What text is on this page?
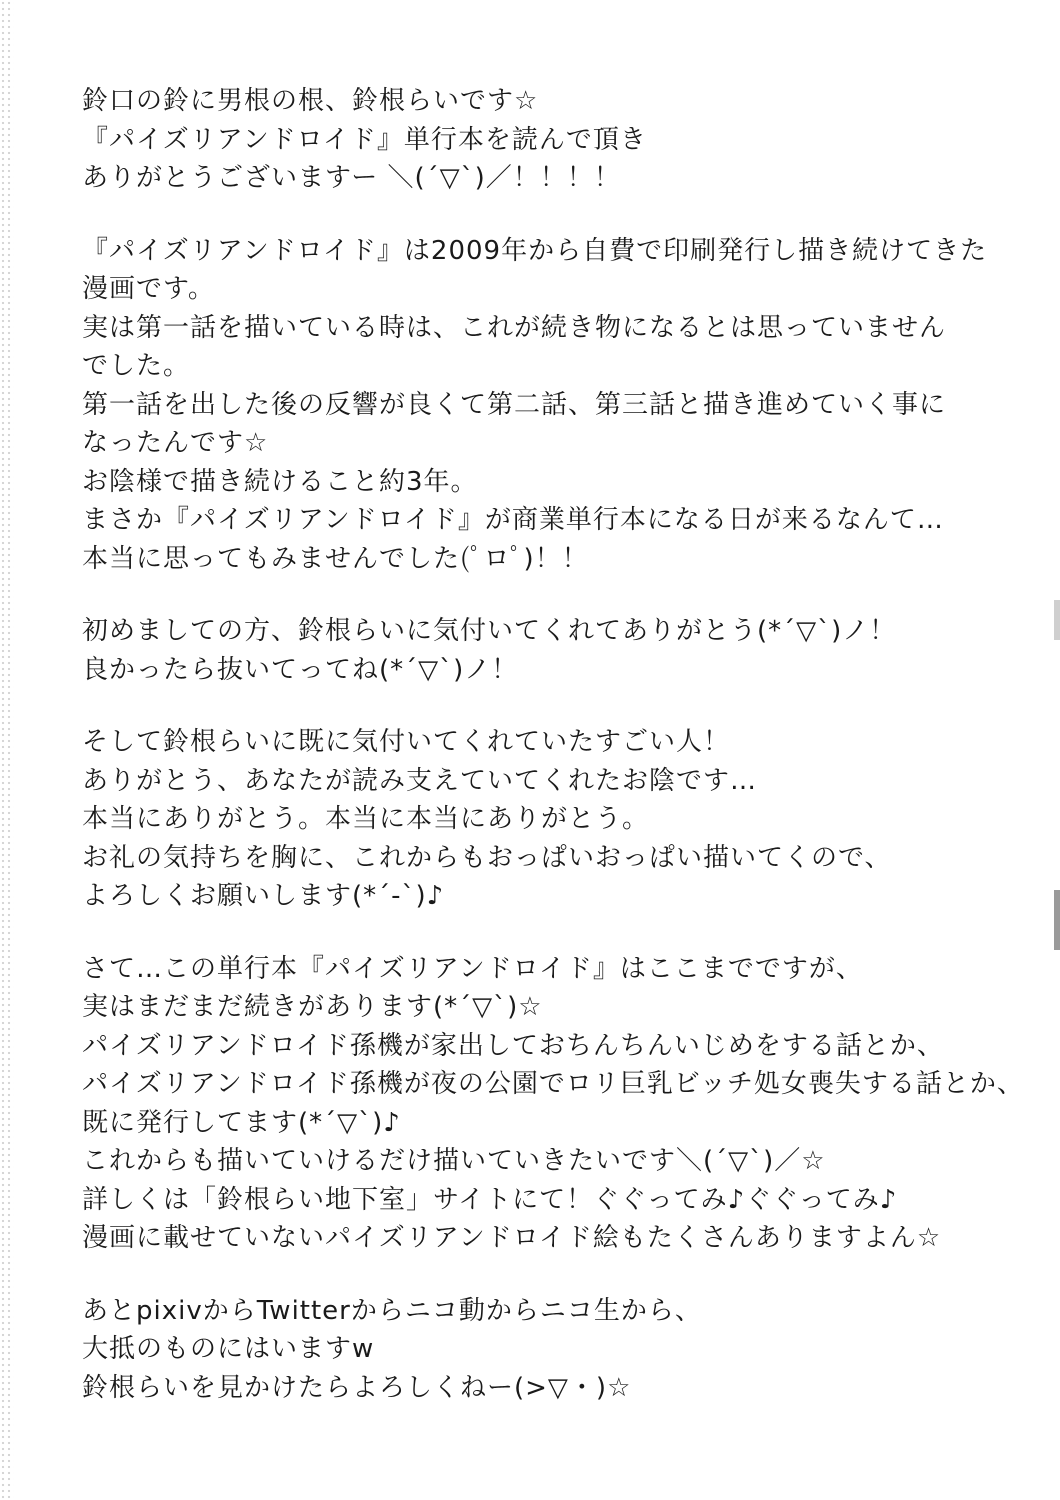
鈴口の鈴に男根の根、鈴根らいです☆
『パイズリアンドロイド』単行本を読んで頂き
ありがとうございますー ＼(´▽`)／！！！！
『パイズリアンドロイド』は2009年から自費で印刷発行し描き続けてきた
漫画です。
実は第一話を描いている時は、これが続き物になるとは思っていません
でした。
第一話を出した後の反響が良くて第二話、第三話と描き進めていく事に
なったんです☆
お陰様で描き続けること約3年。
まさか『パイズリアンドロイド』が商業単行本になる日が来るなんて…
本当に思ってもみませんでした(ﾟロﾟ)！！
初めましての方、鈴根らいに気付いてくれてありがとう(*´▽`)ノ！
良かったら抜いてってね(*´▽`)ノ！
そして鈴根らいに既に気付いてくれていたすごい人！
ありがとう、あなたが読み支えていてくれたお陰です…
本当にありがとう。本当に本当にありがとう。
お礼の気持ちを胸に、これからもおっぱいおっぱい描いてくので、
よろしくお願いします(*´-`)♪
さて…この単行本『パイズリアンドロイド』はここまでですが、
実はまだまだ続きがあります(*´▽`)☆
パイズリアンドロイド孫機が家出しておちんちんいじめをする話とか、
パイズリアンドロイド孫機が夜の公園でロリ巨乳ビッチ処女喪失する話とか、
既に発行してます(*´▽`)♪
これからも描いていけるだけ描いていきたいです＼(´▽`)／☆
詳しくは「鈴根らい地下室」サイトにて！ぐぐってみ♪ぐぐってみ♪
漫画に載せていないパイズリアンドロイド絵もたくさんありますよん☆
あとpixivからTwitterからニコ動からニコ生から、
大抵のものにはいますw
鈴根らいを見かけたらよろしくねー(>▽・)☆
